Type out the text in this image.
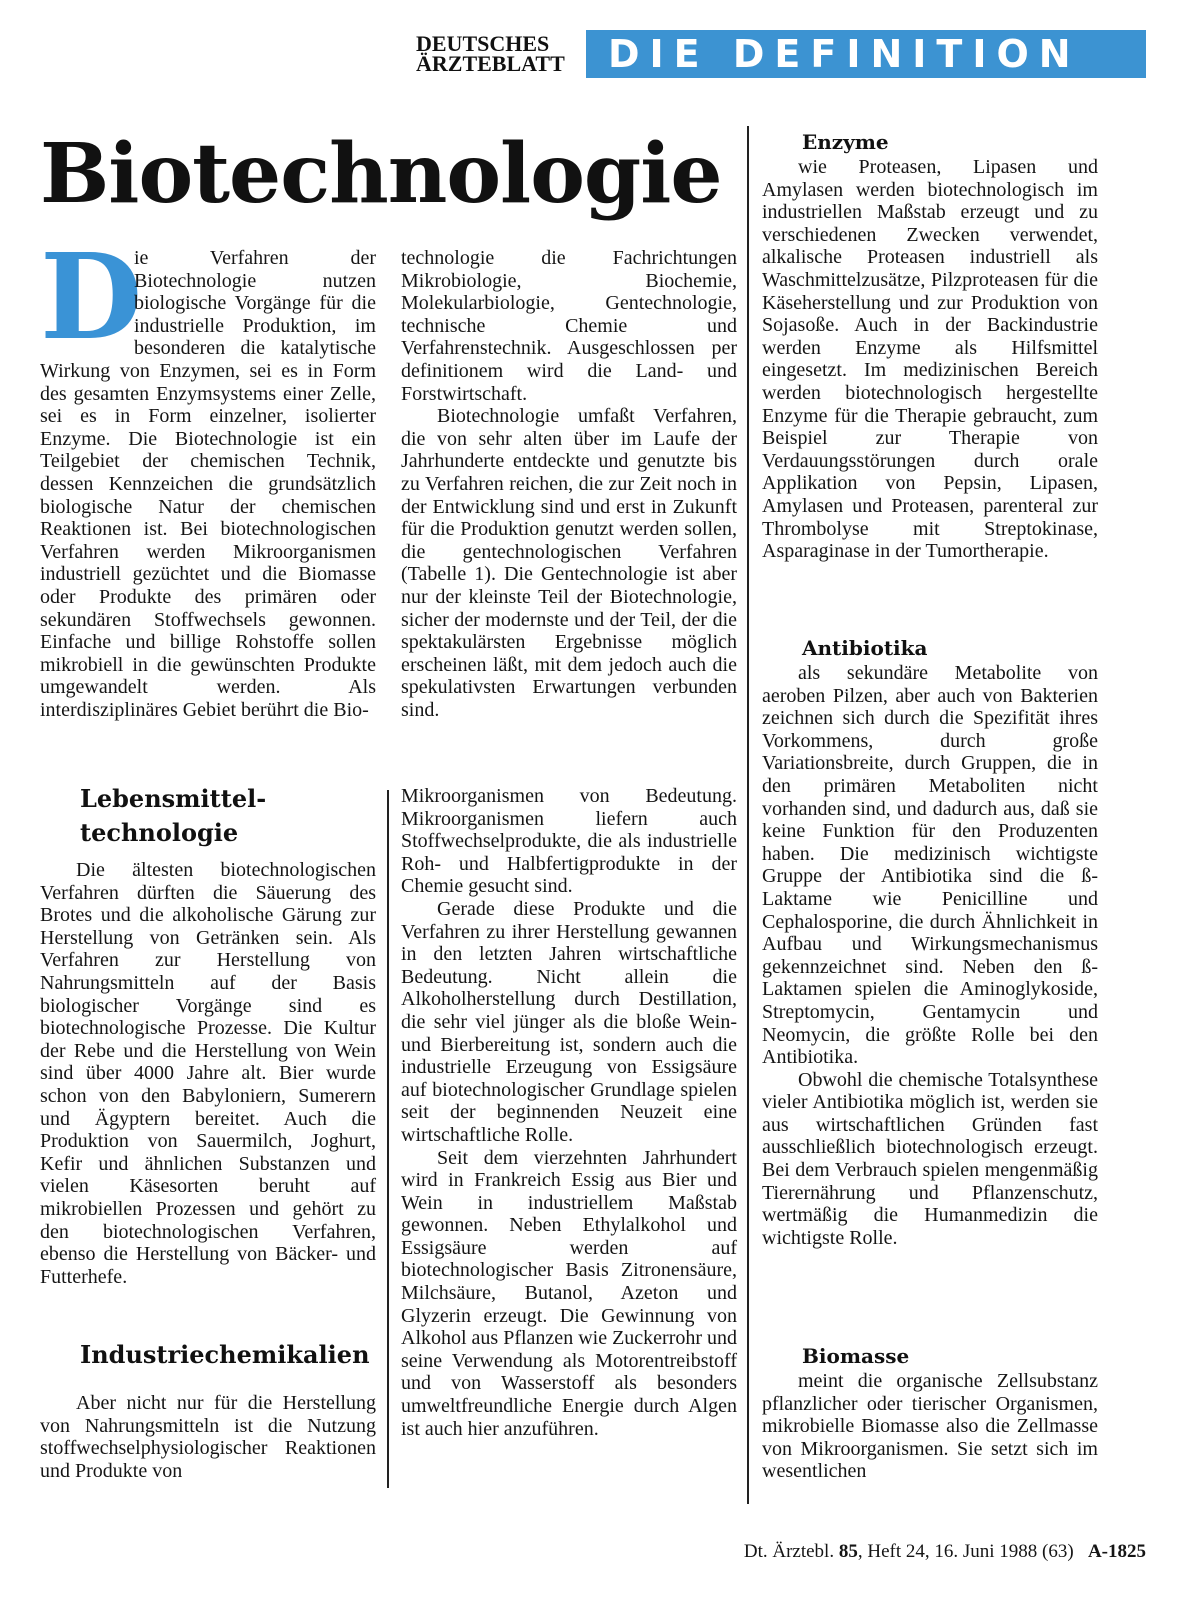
DEUTSCHES
ÄRZTEBLATT	DIE DEFINITION
Biotechnologie

D
ie Verfahren der Biotechnologie nutzen biologische Vorgänge für die industrielle Produktion, im besonderen die katalytische Wirkung von Enzymen, sei es in Form des gesamten Enzymsystems einer Zelle, sei es in Form einzelner, isolierter Enzyme. Die Biotechnologie ist ein Teilgebiet der chemischen Technik, dessen Kennzeichen die grundsätzlich biologische Natur der chemischen Reaktionen ist. Bei biotechnologischen Verfahren werden Mikroorganismen industriell gezüchtet und die Biomasse oder Produkte des primären oder sekundären Stoffwechsels gewonnen. Einfache und billige Rohstoffe sollen mikrobiell in die gewünschten Produkte umgewandelt werden. Als interdisziplinäres Gebiet berührt die Bio-

technologie die Fachrichtungen Mikrobiologie, Biochemie, Molekularbiologie, Gentechnologie, technische Chemie und Verfahrenstechnik. Ausgeschlossen per definitionem wird die Land- und Forstwirtschaft.

Biotechnologie umfaßt Verfahren, die von sehr alten über im Laufe der Jahrhunderte entdeckte und genutzte bis zu Verfahren reichen, die zur Zeit noch in der Entwicklung sind und erst in Zukunft für die Produktion genutzt werden sollen, die gentechnologischen Verfahren (Tabelle 1). Die Gentechnologie ist aber nur der kleinste Teil der Biotechnologie, sicher der modernste und der Teil, der die spektakulärsten Ergebnisse möglich erscheinen läßt, mit dem jedoch auch die spekulativsten Erwartungen verbunden sind.

Lebensmittel-
technologie

Die ältesten biotechnologischen Verfahren dürften die Säuerung des Brotes und die alkoholische Gärung zur Herstellung von Getränken sein. Als Verfahren zur Herstellung von Nahrungsmitteln auf der Basis biologischer Vorgänge sind es biotechnologische Prozesse. Die Kultur der Rebe und die Herstellung von Wein sind über 4000 Jahre alt. Bier wurde schon von den Babyloniern, Sumerern und Ägyptern bereitet. Auch die Produktion von Sauermilch, Joghurt, Kefir und ähnlichen Substanzen und vielen Käsesorten beruht auf mikrobiellen Prozessen und gehört zu den biotechnologischen Verfahren, ebenso die Herstellung von Bäcker- und Futterhefe.

Industriechemikalien

Aber nicht nur für die Herstellung von Nahrungsmitteln ist die Nutzung stoffwechselphysiologischer Reaktionen und Produkte von

Mikroorganismen von Bedeutung. Mikroorganismen liefern auch Stoffwechselprodukte, die als industrielle Roh- und Halbfertigprodukte in der Chemie gesucht sind.

Gerade diese Produkte und die Verfahren zu ihrer Herstellung gewannen in den letzten Jahren wirtschaftliche Bedeutung. Nicht allein die Alkoholherstellung durch Destillation, die sehr viel jünger als die bloße Wein- und Bierbereitung ist, sondern auch die industrielle Erzeugung von Essigsäure auf biotechnologischer Grundlage spielen seit der beginnenden Neuzeit eine wirtschaftliche Rolle.

Seit dem vierzehnten Jahrhundert wird in Frankreich Essig aus Bier und Wein in industriellem Maßstab gewonnen. Neben Ethylalkohol und Essigsäure werden auf biotechnologischer Basis Zitronensäure, Milchsäure, Butanol, Azeton und Glyzerin erzeugt. Die Gewinnung von Alkohol aus Pflanzen wie Zuckerrohr und seine Verwendung als Motorentreibstoff und von Wasserstoff als besonders umweltfreundliche Energie durch Algen ist auch hier anzuführen.

Enzyme

wie Proteasen, Lipasen und Amylasen werden biotechnologisch im industriellen Maßstab erzeugt und zu verschiedenen Zwecken verwendet, alkalische Proteasen industriell als Waschmittelzusätze, Pilzproteasen für die Käseherstellung und zur Produktion von Sojasoße. Auch in der Backindustrie werden Enzyme als Hilfsmittel eingesetzt. Im medizinischen Bereich werden biotechnologisch hergestellte Enzyme für die Therapie gebraucht, zum Beispiel zur Therapie von Verdauungsstörungen durch orale Applikation von Pepsin, Lipasen, Amylasen und Proteasen, parenteral zur Thrombolyse mit Streptokinase, Asparaginase in der Tumortherapie.

Antibiotika

als sekundäre Metabolite von aeroben Pilzen, aber auch von Bakterien zeichnen sich durch die Spezifität ihres Vorkommens, durch große Variationsbreite, durch Gruppen, die in den primären Metaboliten nicht vorhanden sind, und dadurch aus, daß sie keine Funktion für den Produzenten haben. Die medizinisch wichtigste Gruppe der Antibiotika sind die ß-Laktame wie Penicilline und Cephalosporine, die durch Ähnlichkeit in Aufbau und Wirkungsmechanismus gekennzeichnet sind. Neben den ß-Laktamen spielen die Aminoglykoside, Streptomycin, Gentamycin und Neomycin, die größte Rolle bei den Antibiotika.

Obwohl die chemische Totalsynthese vieler Antibiotika möglich ist, werden sie aus wirtschaftlichen Gründen fast ausschließlich biotechnologisch erzeugt. Bei dem Verbrauch spielen mengenmäßig Tierernährung und Pflanzenschutz, wertmäßig die Humanmedizin die wichtigste Rolle.

Biomasse

meint die organische Zellsubstanz pflanzlicher oder tierischer Organismen, mikrobielle Biomasse also die Zellmasse von Mikroorganismen. Sie setzt sich im wesentlichen

Dt. Ärztebl. 85, Heft 24, 16. Juni 1988 (63) A-1825
